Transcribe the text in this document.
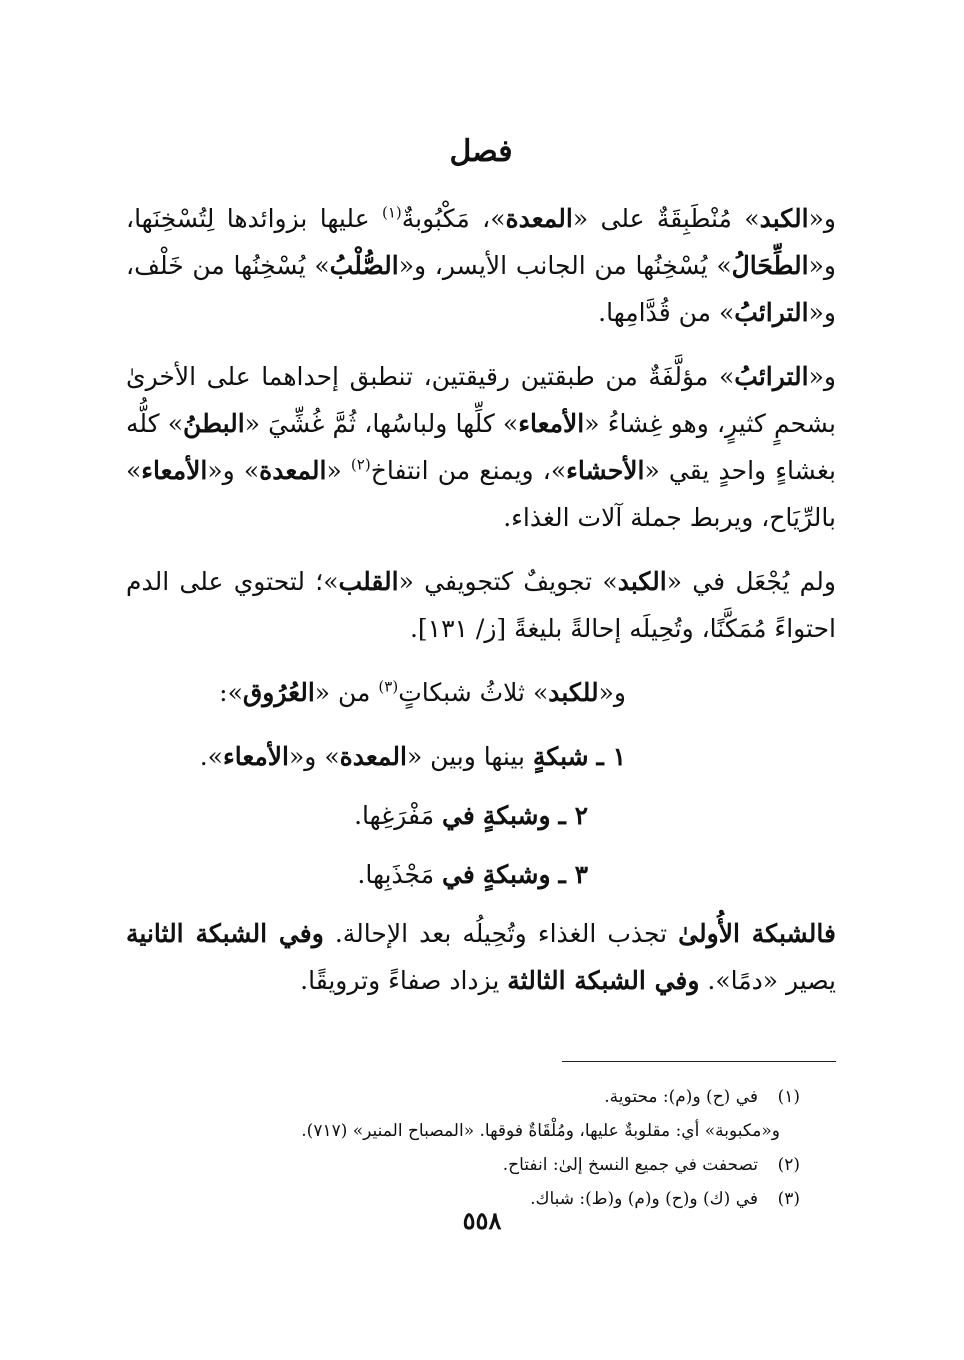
فصل

و«الكبد» مُنْطَبِقَةٌ على «المعدة»، مَكْبُوبةٌ$^{(١)}$ عليها بزوائدها لِتُسْخِنَها، و«الطِّحَالُ» يُسْخِنُها من الجانب الأيسر، و«الصُّلْبُ» يُسْخِنُها من خَلْف، و«الترائبُ» من قُدَّامِها.

و«الترائبُ» مؤلَّفَةٌ من طبقتين رقيقتين، تنطبق إحداهما على الأخرىٰ بشحمٍ كثيرٍ، وهو غِشاءُ «الأمعاء» كلِّها ولباسُها، ثُمَّ غُشِّيَ «البطنُ» كلُّه بغشاءٍ واحدٍ يقي «الأحشاء»، ويمنع من انتفاخ$^{(٢)}$ «المعدة» و«الأمعاء» بالرِّيَاح، ويربط جملة آلات الغذاء.

ولم يُجْعَل في «الكبد» تجويفٌ كتجويفي «القلب»؛ لتحتوي على الدم احتواءً مُمَكَّنًا، وتُحِيلَه إحالةً بليغةً [ز/ ١٣١].

و«للكبد» ثلاثُ شبكاتٍ$^{(٣)}$ من «العُرُوق»:

١ ـ شبكةٍ بينها وبين «المعدة» و«الأمعاء».

٢ ـ وشبكةٍ في مَفْرَغِها.

٣ ـ وشبكةٍ في مَجْذَبِها.

فالشبكة الأُولىٰ تجذب الغذاء وتُحِيلُه بعد الإحالة. وفي الشبكة الثانية يصير «دمًا». وفي الشبكة الثالثة يزداد صفاءً وترويقًا.

(١)في (ح) و(م): محتوية.

و«مكبوبة» أي: مقلوبةٌ عليها، ومُلْقَاةٌ فوقها. «المصباح المنير» (٧١٧).

(٢)تصحفت في جميع النسخ إلىٰ: انفتاح.

(٣)في (ك) و(ح) و(م) و(ط): شباك.

٥٥٨
